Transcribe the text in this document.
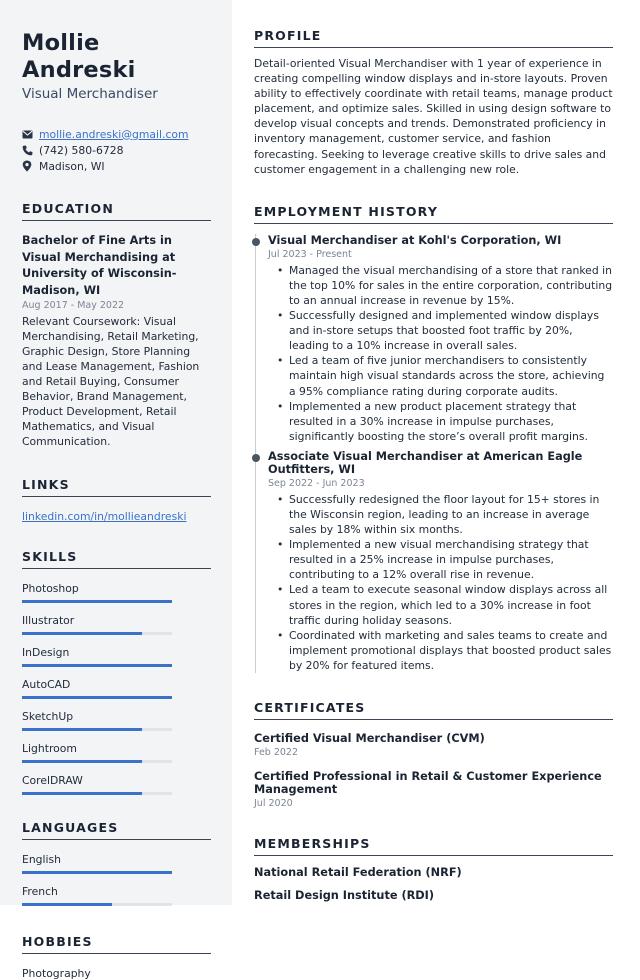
Mollie Andreski
Visual Merchandiser
mollie.andreski@gmail.com
(742) 580-6728
Madison, WI
EDUCATION
Bachelor of Fine Arts in Visual Merchandising at University of Wisconsin-Madison, WI
Aug 2017 - May 2022
Relevant Coursework: Visual Merchandising, Retail Marketing, Graphic Design, Store Planning and Lease Management, Fashion and Retail Buying, Consumer Behavior, Brand Management, Product Development, Retail Mathematics, and Visual Communication.
LINKS
linkedin.com/in/mollieandreski
SKILLS
Photoshop
Illustrator
InDesign
AutoCAD
SketchUp
Lightroom
CorelDRAW
LANGUAGES
English
French
HOBBIES
Photography
PROFILE

Detail-oriented Visual Merchandiser with 1 year of experience in creating compelling window displays and in-store layouts. Proven ability to effectively coordinate with retail teams, manage product placement, and optimize sales. Skilled in using design software to develop visual concepts and trends. Demonstrated proficiency in inventory management, customer service, and fashion forecasting. Seeking to leverage creative skills to drive sales and customer engagement in a challenging new role.

EMPLOYMENT HISTORY
Visual Merchandiser at Kohl's Corporation, WI
Jul 2023 - Present
• Managed the visual merchandising of a store that ranked in the top 10% for sales in the entire corporation, contributing to an annual increase in revenue by 15%.
• Successfully designed and implemented window displays and in-store setups that boosted foot traffic by 20%, leading to a 10% increase in overall sales.
• Led a team of five junior merchandisers to consistently maintain high visual standards across the store, achieving a 95% compliance rating during corporate audits.
• Implemented a new product placement strategy that resulted in a 30% increase in impulse purchases, significantly boosting the store’s overall profit margins.
Associate Visual Merchandiser at American Eagle Outfitters, WI
Sep 2022 - Jun 2023
• Successfully redesigned the floor layout for 15+ stores in the Wisconsin region, leading to an increase in average sales by 18% within six months.
• Implemented a new visual merchandising strategy that resulted in a 25% increase in impulse purchases, contributing to a 12% overall rise in revenue.
• Led a team to execute seasonal window displays across all stores in the region, which led to a 30% increase in foot traffic during holiday seasons.
• Coordinated with marketing and sales teams to create and implement promotional displays that boosted product sales by 20% for featured items.
CERTIFICATES
Certified Visual Merchandiser (CVM)
Feb 2022
Certified Professional in Retail & Customer Experience Management
Jul 2020
MEMBERSHIPS
National Retail Federation (NRF)
Retail Design Institute (RDI)
